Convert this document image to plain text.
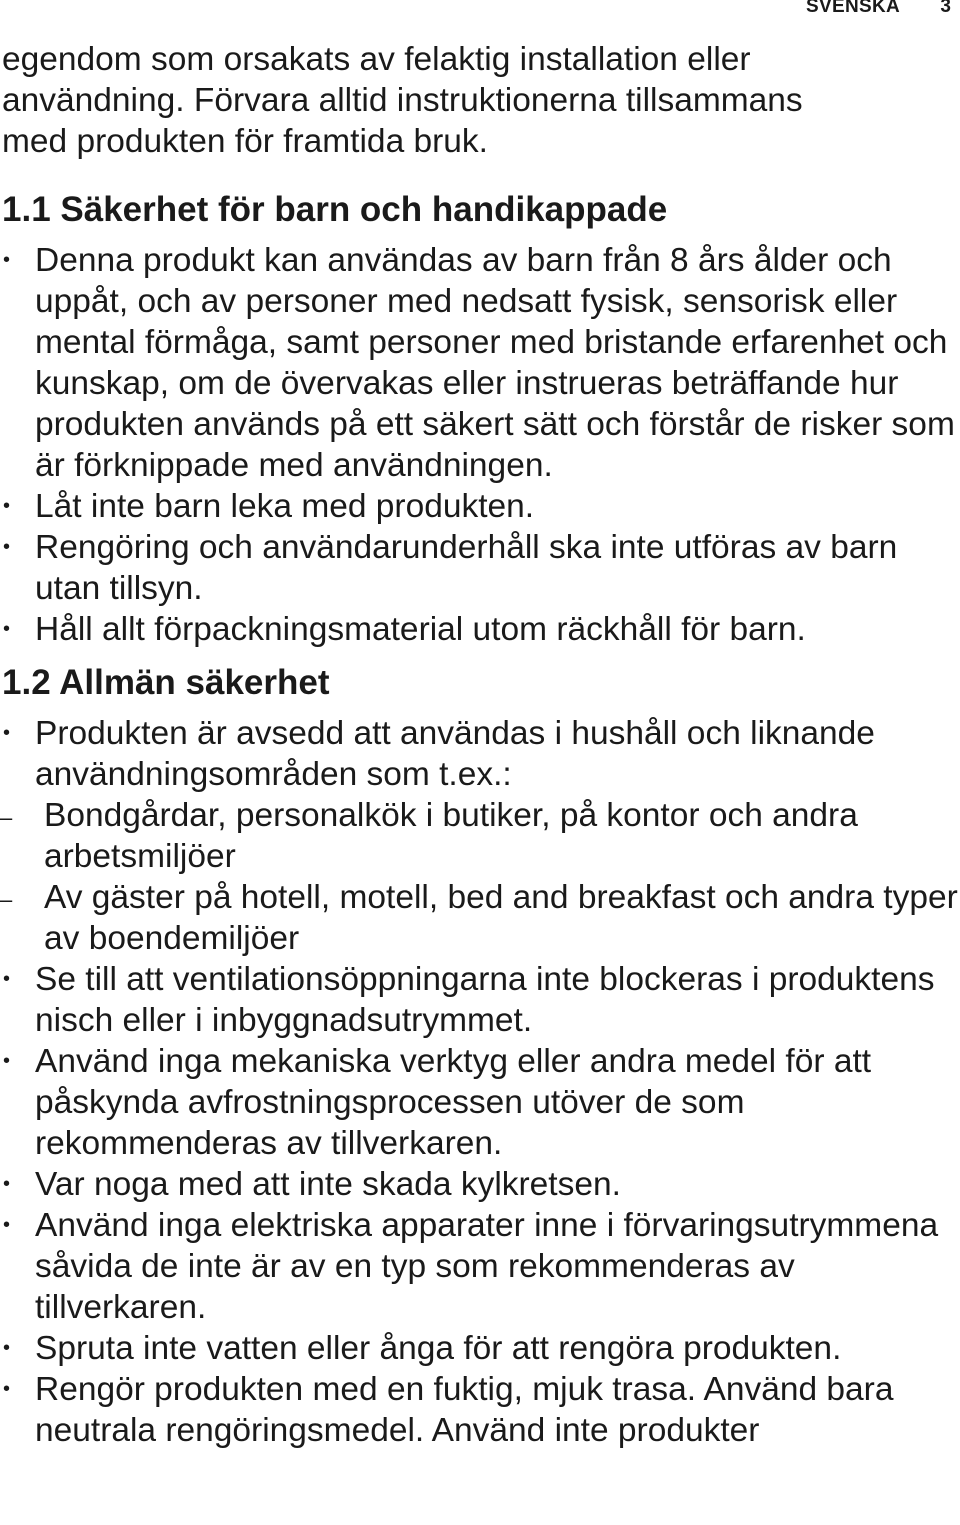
SVENSKA 3

egendom som orsakats av felaktig installation eller
användning. Förvara alltid instruktionerna tillsammans
med produkten för framtida bruk.

1.1 Säkerhet för barn och handikappade
• Denna produkt kan användas av barn från 8 års ålder och uppåt, och av personer med nedsatt fysisk, sensorisk eller mental förmåga, samt personer med bristande erfarenhet och kunskap, om de övervakas eller instrueras beträffande hur produkten används på ett säkert sätt och förstår de risker som är förknippade med användningen.
• Låt inte barn leka med produkten.
• Rengöring och användarunderhåll ska inte utföras av barn utan tillsyn.
• Håll allt förpackningsmaterial utom räckhåll för barn.
1.2 Allmän säkerhet
• Produkten är avsedd att användas i hushåll och liknande användningsområden som t.ex.:
– Bondgårdar, personalkök i butiker, på kontor och andra arbetsmiljöer
– Av gäster på hotell, motell, bed and breakfast och andra typer av boendemiljöer
• Se till att ventilationsöppningarna inte blockeras i produktens nisch eller i inbyggnadsutrymmet.
• Använd inga mekaniska verktyg eller andra medel för att påskynda avfrostningsprocessen utöver de som rekommenderas av tillverkaren.
• Var noga med att inte skada kylkretsen.
• Använd inga elektriska apparater inne i förvaringsutrymmena såvida de inte är av en typ som rekommenderas av tillverkaren.
• Spruta inte vatten eller ånga för att rengöra produkten.
• Rengör produkten med en fuktig, mjuk trasa. Använd bara neutrala rengöringsmedel. Använd inte produkter
